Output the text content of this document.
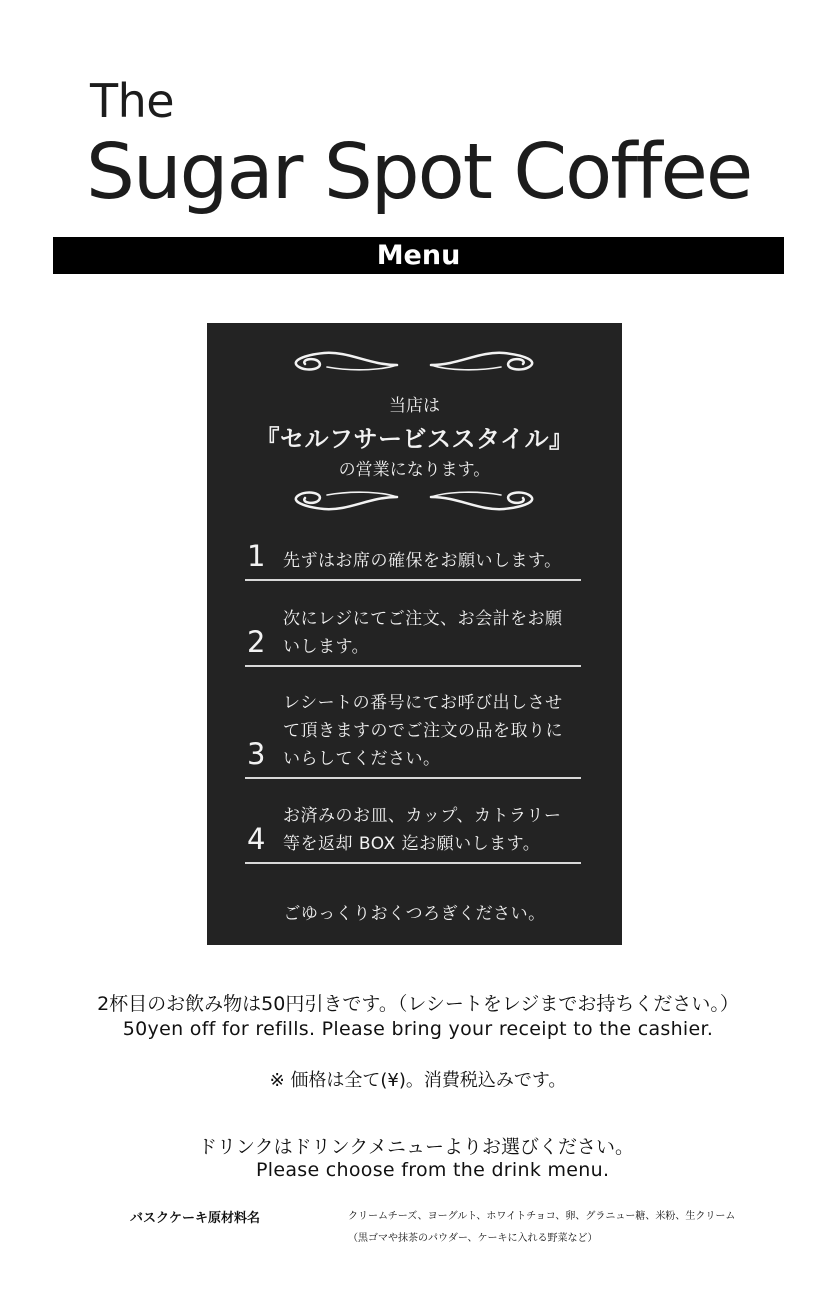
The
Sugar Spot Coffee
Menu
当店は
『セルフサービススタイル』
の営業になります。
1 先ずはお席の確保をお願いします。
2
次にレジにてご注文、お会計をお願
いします。
3
レシートの番号にてお呼び出しさせ
て頂きますのでご注文の品を取りに
いらしてください。
4
お済みのお皿、カップ、カトラリー
等を返却 BOX 迄お願いします。
ごゆっくりおくつろぎください。
2杯目のお飲み物は50円引きです。（レシートをレジまでお持ちください。）
50yen off for refills. Please bring your receipt to the cashier.
※ 価格は全て(¥)。消費税込みです。
ドリンクはドリンクメニューよりお選びください。
Please choose from the drink menu.
バスクケーキ原材料名	クリームチーズ、ヨーグルト、ホワイトチョコ、卵、グラニュー糖、米粉、生クリーム
（黒ゴマや抹茶のパウダー、ケーキに入れる野菜など）
